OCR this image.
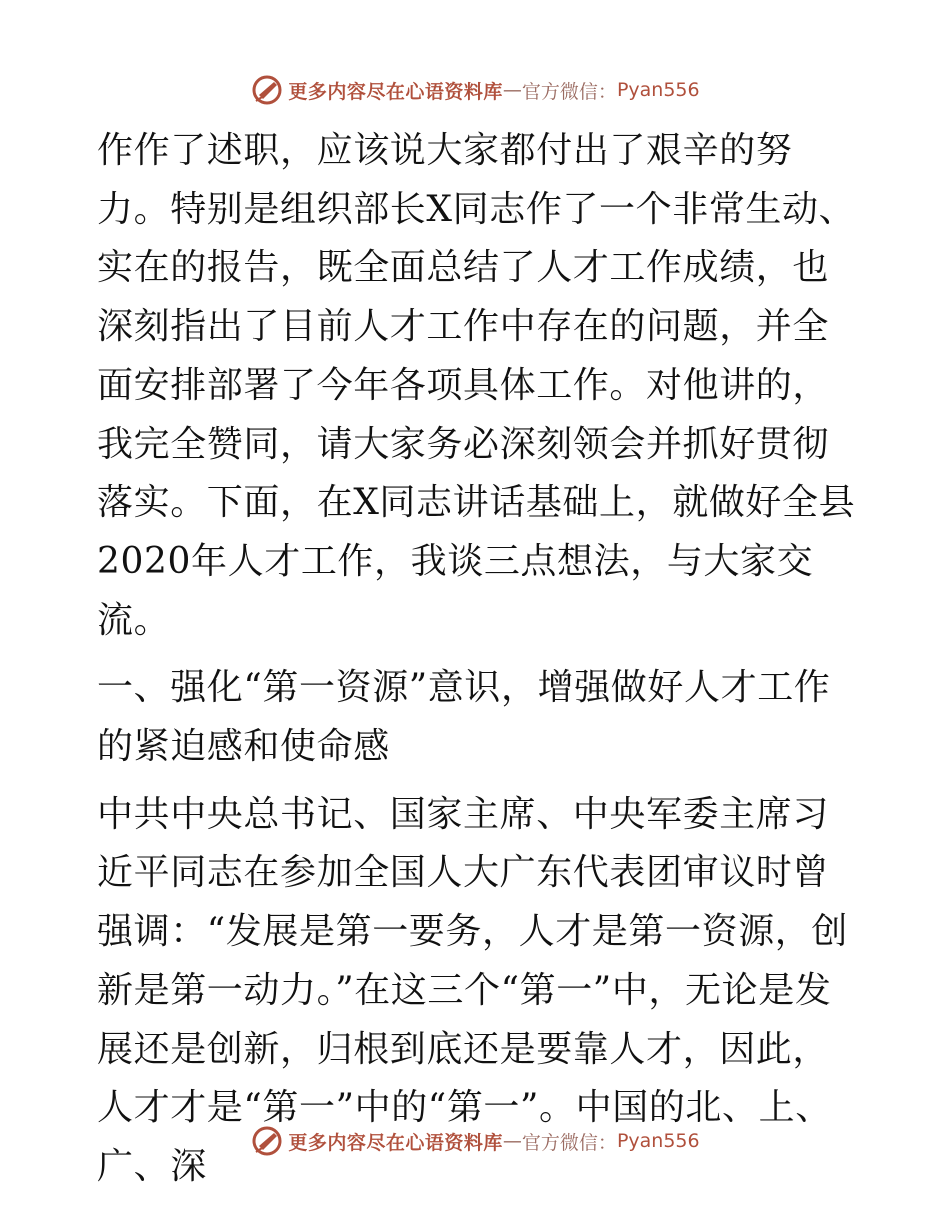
更多内容尽在心语资料库 — 官方微信： Pyan556

作作了述职，应该说大家都付出了艰辛的努力。特别是组织部长X同志作了一个非常生动、实在的报告，既全面总结了人才工作成绩，也深刻指出了目前人才工作中存在的问题，并全面安排部署了今年各项具体工作。对他讲的，我完全赞同，请大家务必深刻领会并抓好贯彻落实。下面，在X同志讲话基础上，就做好全县2020年人才工作，我谈三点想法，与大家交流。

一、强化“第一资源”意识，增强做好人才工作的紧迫感和使命感

中共中央总书记、国家主席、中央军委主席习近平同志在参加全国人大广东代表团审议时曾强调：“发展是第一要务，人才是第一资源，创新是第一动力。”在这三个“第一”中，无论是发展还是创新，归根到底还是要靠人才，因此，人才才是“第一”中的“第一”。中国的北、上、广、深

更多内容尽在心语资料库 — 官方微信： Pyan556
